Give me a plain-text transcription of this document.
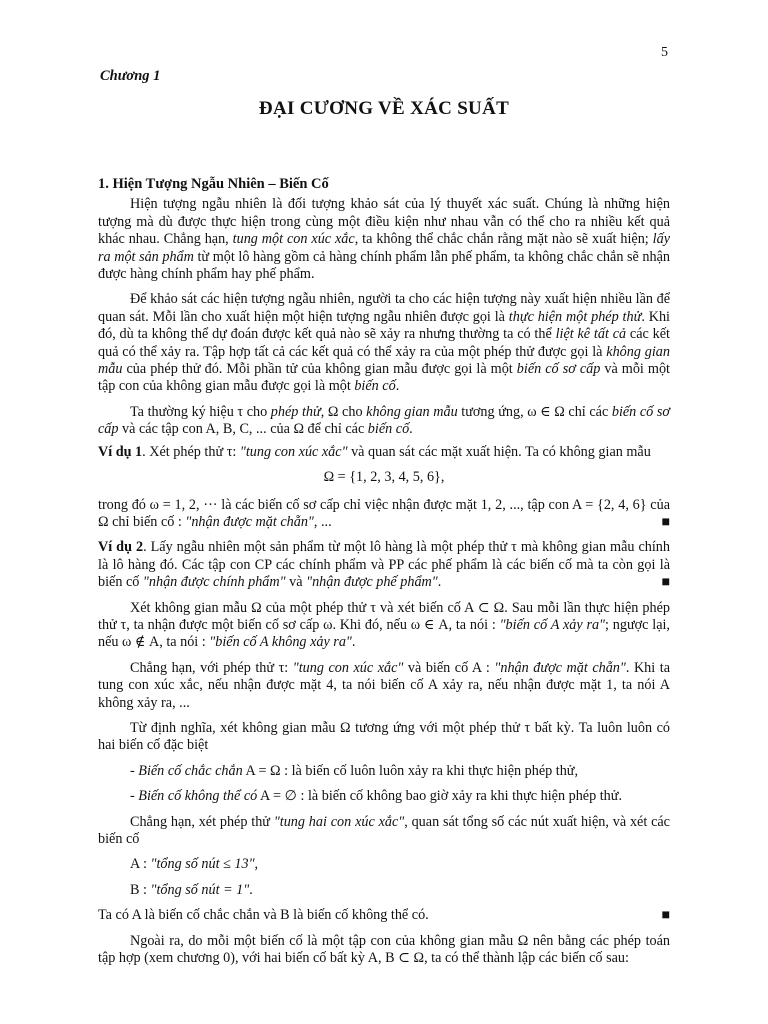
5
Chương 1
ĐẠI CƯƠNG VỀ XÁC SUẤT
1. Hiện Tượng Ngẫu Nhiên – Biến Cố

Hiện tượng ngẫu nhiên là đối tượng khảo sát của lý thuyết xác suất. Chúng là những hiện tượng mà dù được thực hiện trong cùng một điều kiện như nhau vẫn có thể cho ra nhiều kết quả khác nhau. Chẳng hạn, tung một con xúc xắc, ta không thể chắc chắn rằng mặt nào sẽ xuất hiện; lấy ra một sản phẩm từ một lô hàng gồm cả hàng chính phẩm lẫn phế phẩm, ta không chắc chắn sẽ nhận được hàng chính phẩm hay phế phẩm.

Để khảo sát các hiện tượng ngẫu nhiên, người ta cho các hiện tượng này xuất hiện nhiều lần để quan sát. Mỗi lần cho xuất hiện một hiện tượng ngẫu nhiên được gọi là thực hiện một phép thử. Khi đó, dù ta không thể dự đoán được kết quả nào sẽ xảy ra nhưng thường ta có thể liệt kê tất cả các kết quả có thể xảy ra. Tập hợp tất cả các kết quả có thể xảy ra của một phép thử được gọi là không gian mẫu của phép thử đó. Mỗi phần tử của không gian mẫu được gọi là một biến cố sơ cấp và mỗi một tập con của không gian mẫu được gọi là một biến cố.

Ta thường ký hiệu τ cho phép thử, Ω cho không gian mẫu tương ứng, ω ∈ Ω chỉ các biến cố sơ cấp và các tập con A, B, C, ... của Ω để chỉ các biến cố.

Ví dụ 1. Xét phép thử τ: "tung con xúc xắc" và quan sát các mặt xuất hiện. Ta có không gian mẫu

Ω = {1, 2, 3, 4, 5, 6},

trong đó ω = 1, 2, ··· là các biến cố sơ cấp chỉ việc nhận được mặt 1, 2, ..., tập con A = {2, 4, 6} của Ω chỉ biến cố : "nhận được mặt chẵn", ...	■

Ví dụ 2. Lấy ngẫu nhiên một sản phẩm từ một lô hàng là một phép thử τ mà không gian mẫu chính là lô hàng đó. Các tập con CP các chính phẩm và PP các phế phẩm là các biến cố mà ta còn gọi là biến cố "nhận được chính phẩm" và "nhận được phế phẩm".	■

Xét không gian mẫu Ω của một phép thử τ và xét biến cố A ⊂ Ω. Sau mỗi lần thực hiện phép thử τ, ta nhận được một biến cố sơ cấp ω. Khi đó, nếu ω ∈ A, ta nói : "biến cố A xảy ra"; ngược lại, nếu ω ∉ A, ta nói : "biến cố A không xảy ra".

Chẳng hạn, với phép thử τ: "tung con xúc xắc" và biến cố A : "nhận được mặt chẵn". Khi ta tung con xúc xắc, nếu nhận được mặt 4, ta nói biến cố A xảy ra, nếu nhận được mặt 1, ta nói A không xảy ra, ...

Từ định nghĩa, xét không gian mẫu Ω tương ứng với một phép thử τ bất kỳ. Ta luôn luôn có hai biến cố đặc biệt

- Biến cố chắc chắn A = Ω : là biến cố luôn luôn xảy ra khi thực hiện phép thử,

- Biến cố không thể có A = ∅ : là biến cố không bao giờ xảy ra khi thực hiện phép thử.

Chẳng hạn, xét phép thử "tung hai con xúc xắc", quan sát tổng số các nút xuất hiện, và xét các biến cố

A : "tổng số nút ≤ 13",

B : "tổng số nút = 1".

Ta có A là biến cố chắc chắn và B là biến cố không thể có.	■

Ngoài ra, do mỗi một biến cố là một tập con của không gian mẫu Ω nên bằng các phép toán tập hợp (xem chương 0), với hai biến cố bất kỳ A, B ⊂ Ω, ta có thể thành lập các biến cố sau:
